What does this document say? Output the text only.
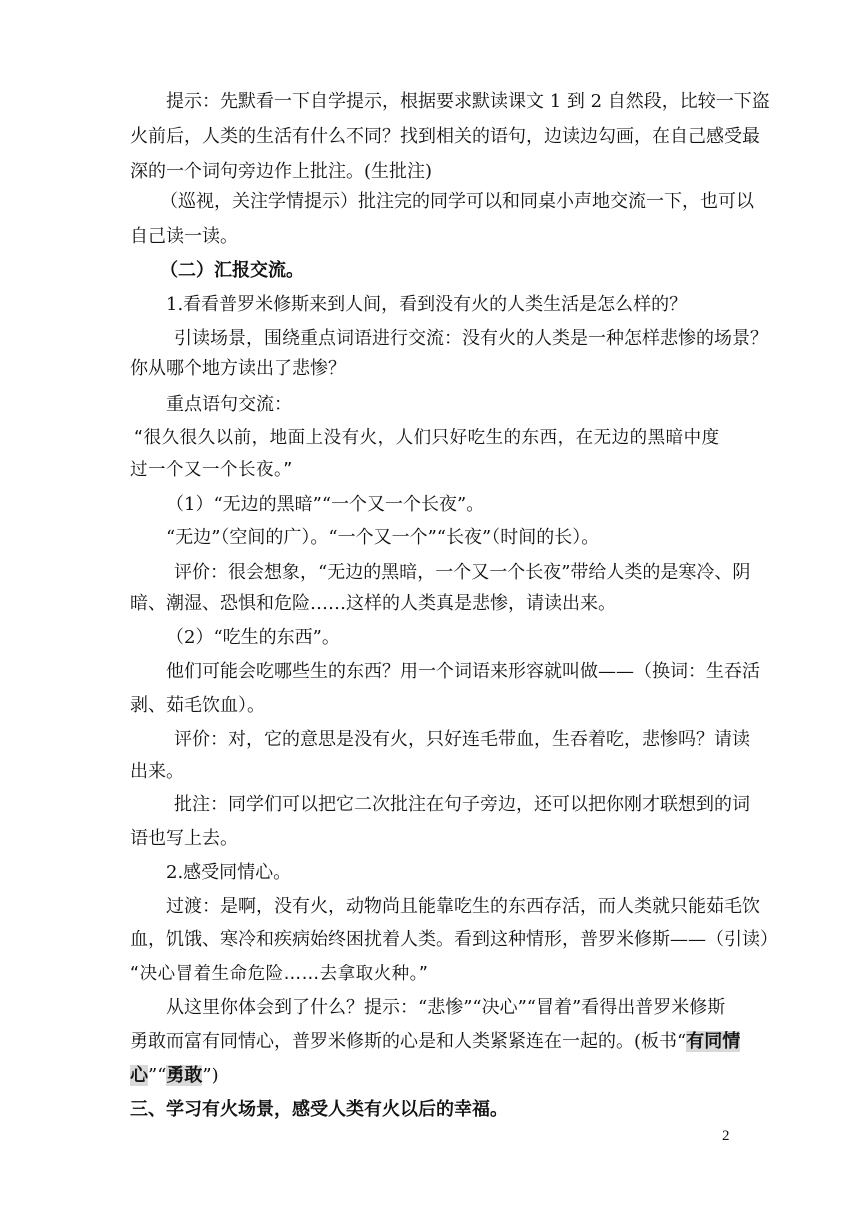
提示：先默看一下自学提示，根据要求默读课文 1 到 2 自然段，比较一下盗
火前后，人类的生活有什么不同？找到相关的语句，边读边勾画，在自己感受最
深的一个词句旁边作上批注。(生批注)
（巡视，关注学情提示）批注完的同学可以和同桌小声地交流一下，也可以
自己读一读。
（二）汇报交流。
1.看看普罗米修斯来到人间，看到没有火的人类生活是怎么样的？
引读场景，围绕重点词语进行交流：没有火的人类是一种怎样悲惨的场景？
你从哪个地方读出了悲惨？
重点语句交流：
“很久很久以前，地面上没有火，人们只好吃生的东西，在无边的黑暗中度
过一个又一个长夜。”
（1）“无边的黑暗”“一个又一个长夜”。
“无边”（空间的广）。“一个又一个”“长夜”（时间的长）。
评价：很会想象，“无边的黑暗，一个又一个长夜”带给人类的是寒冷、阴
暗、潮湿、恐惧和危险……这样的人类真是悲惨，请读出来。
（2）“吃生的东西”。
他们可能会吃哪些生的东西？用一个词语来形容就叫做——（换词：生吞活
剥、茹毛饮血）。
评价：对，它的意思是没有火，只好连毛带血，生吞着吃，悲惨吗？请读
出来。
批注：同学们可以把它二次批注在句子旁边，还可以把你刚才联想到的词
语也写上去。
2.感受同情心。
过渡：是啊，没有火，动物尚且能靠吃生的东西存活，而人类就只能茹毛饮
血，饥饿、寒冷和疾病始终困扰着人类。看到这种情形，普罗米修斯——（引读）
“决心冒着生命危险……去拿取火种。”
从这里你体会到了什么？提示：“悲惨”“决心”“冒着”看得出普罗米修斯
勇敢而富有同情心，普罗米修斯的心是和人类紧紧连在一起的。(板书“有同情
心”“勇敢”)
三、学习有火场景，感受人类有火以后的幸福。
2
